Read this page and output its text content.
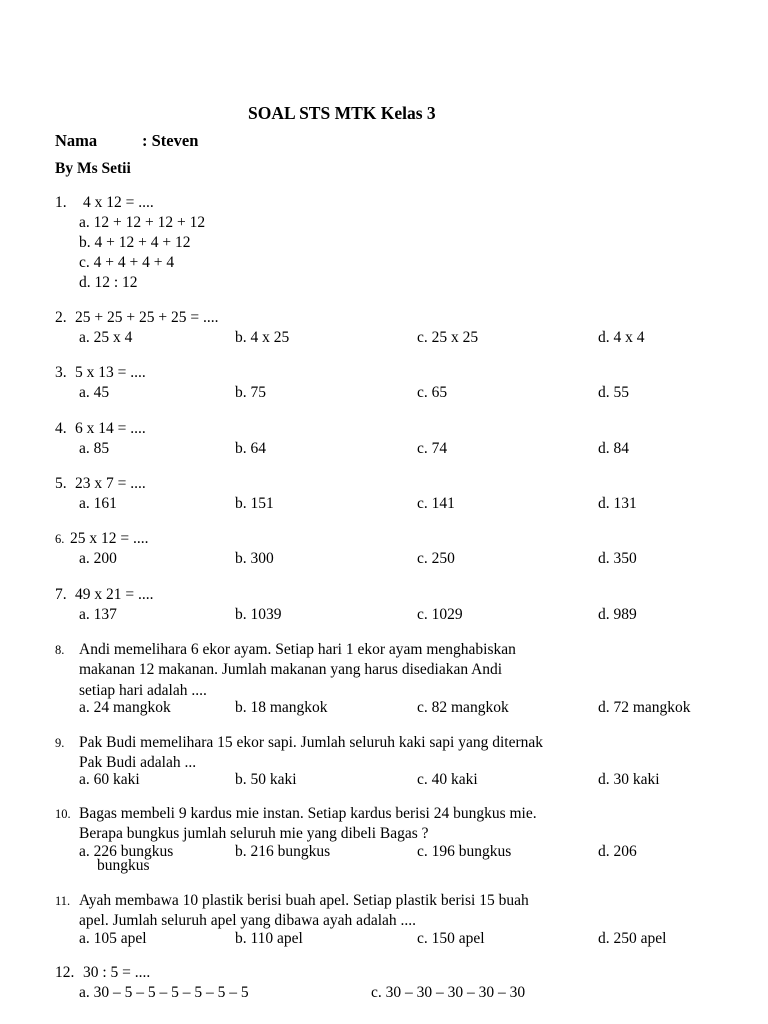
SOAL STS MTK Kelas 3
Nama	: Steven
By Ms Setii
1. 4 x 12 = ....
a. 12 + 12 + 12 + 12
b. 4 + 12 + 4 + 12
c. 4 + 4 + 4 + 4
d. 12 : 12
2. 25 + 25 + 25 + 25 = ....
a. 25 x 4	b. 4 x 25	c. 25 x 25	d. 4 x 4
3. 5 x 13 = ....
a. 45	b. 75	c. 65	d. 55
4. 6 x 14 = ....
a. 85	b. 64	c. 74	d. 84
5. 23 x 7 = ....
a. 161	b. 151	c. 141	d. 131
6. 25 x 12 = ....
a. 200	b. 300	c. 250	d. 350
7. 49 x 21 = ....
a. 137	b. 1039	c. 1029	d. 989
8. Andi memelihara 6 ekor ayam. Setiap hari 1 ekor ayam menghabiskan
makanan 12 makanan. Jumlah makanan yang harus disediakan Andi
setiap hari adalah ....
a. 24 mangkok	b. 18 mangkok	c. 82 mangkok	d. 72 mangkok
9. Pak Budi memelihara 15 ekor sapi. Jumlah seluruh kaki sapi yang diternak
Pak Budi adalah ...
a. 60 kaki	b. 50 kaki	c. 40 kaki	d. 30 kaki
10. Bagas membeli 9 kardus mie instan. Setiap kardus berisi 24 bungkus mie.
Berapa bungkus jumlah seluruh mie yang dibeli Bagas ?
a. 226 bungkus
bungkus
b. 216 bungkus	c. 196 bungkus	d. 206
11. Ayah membawa 10 plastik berisi buah apel. Setiap plastik berisi 15 buah
apel. Jumlah seluruh apel yang dibawa ayah adalah ....
a. 105 apel	b. 110 apel	c. 150 apel	d. 250 apel
12. 30 : 5 = ....
a. 30 – 5 – 5 – 5 – 5 – 5 – 5	c. 30 – 30 – 30 – 30 – 30
